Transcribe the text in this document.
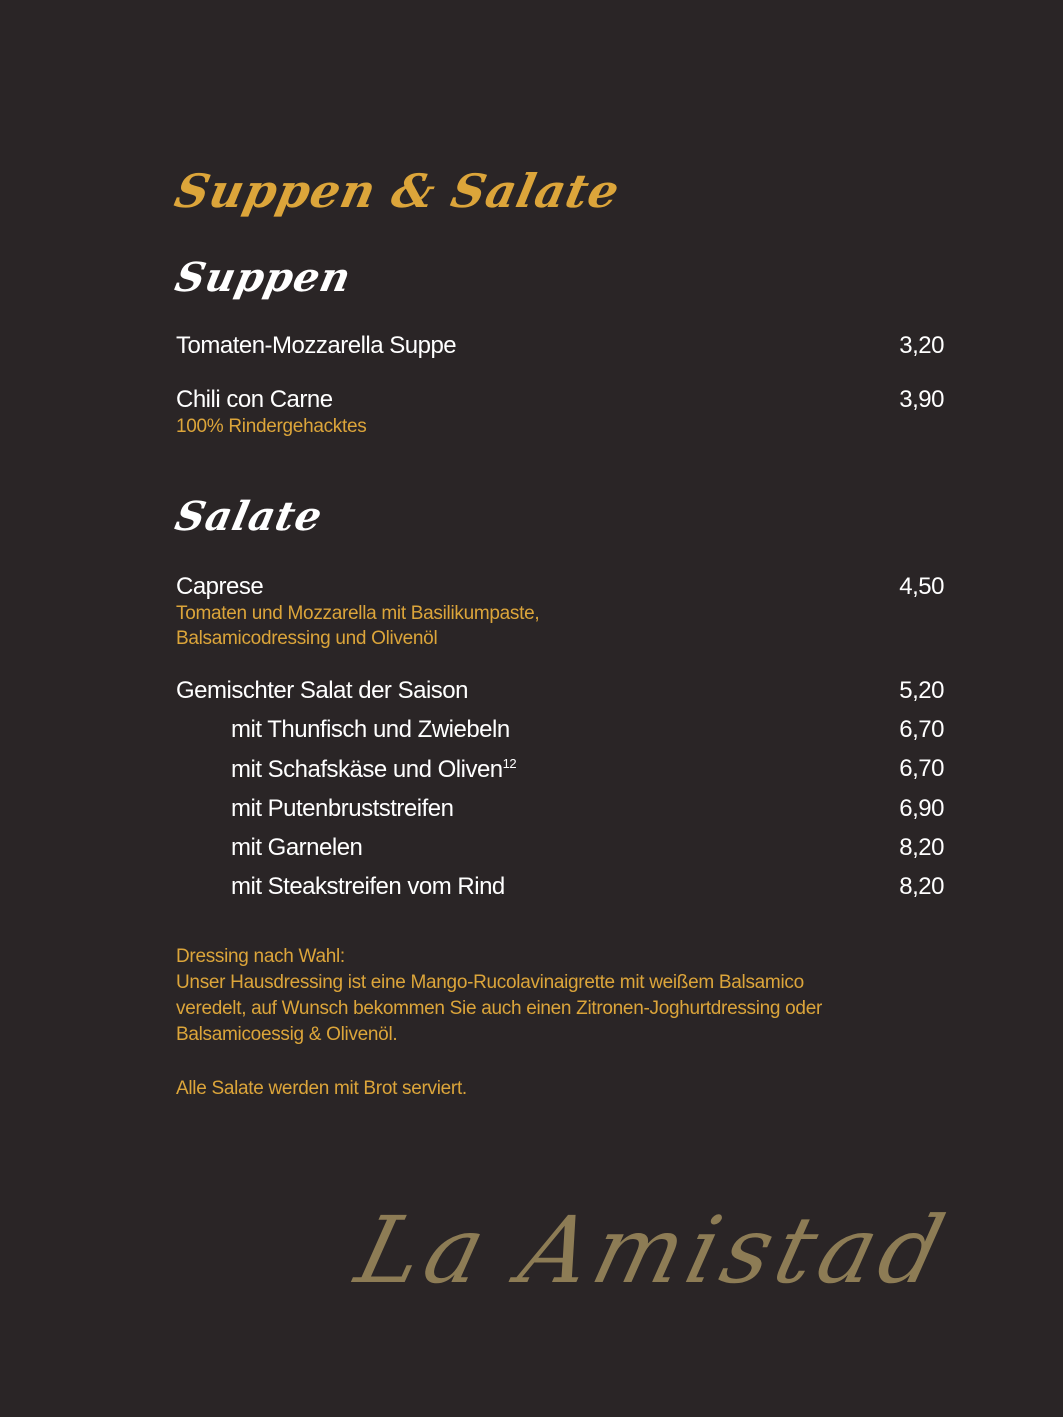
Suppen & Salate
Suppen
Tomaten-Mozzarella Suppe	3,20
Chili con Carne	3,90
100% Rindergehacktes
Salate
Caprese	4,50
Tomaten und Mozzarella mit Basilikumpaste,
Balsamicodressing und Olivenöl
Gemischter Salat der Saison	5,20
mit Thunfisch und Zwiebeln	6,70
mit Schafskäse und Oliven$^{12}$	6,70
mit Putenbruststreifen	6,90
mit Garnelen	8,20
mit Steakstreifen vom Rind	8,20
Dressing nach Wahl:
Unser Hausdressing ist eine Mango-Rucolavinaigrette mit weißem Balsamico
veredelt, auf Wunsch bekommen Sie auch einen Zitronen-Joghurtdressing oder
Balsamicoessig & Olivenöl.
Alle Salate werden mit Brot serviert.
La Amistad
